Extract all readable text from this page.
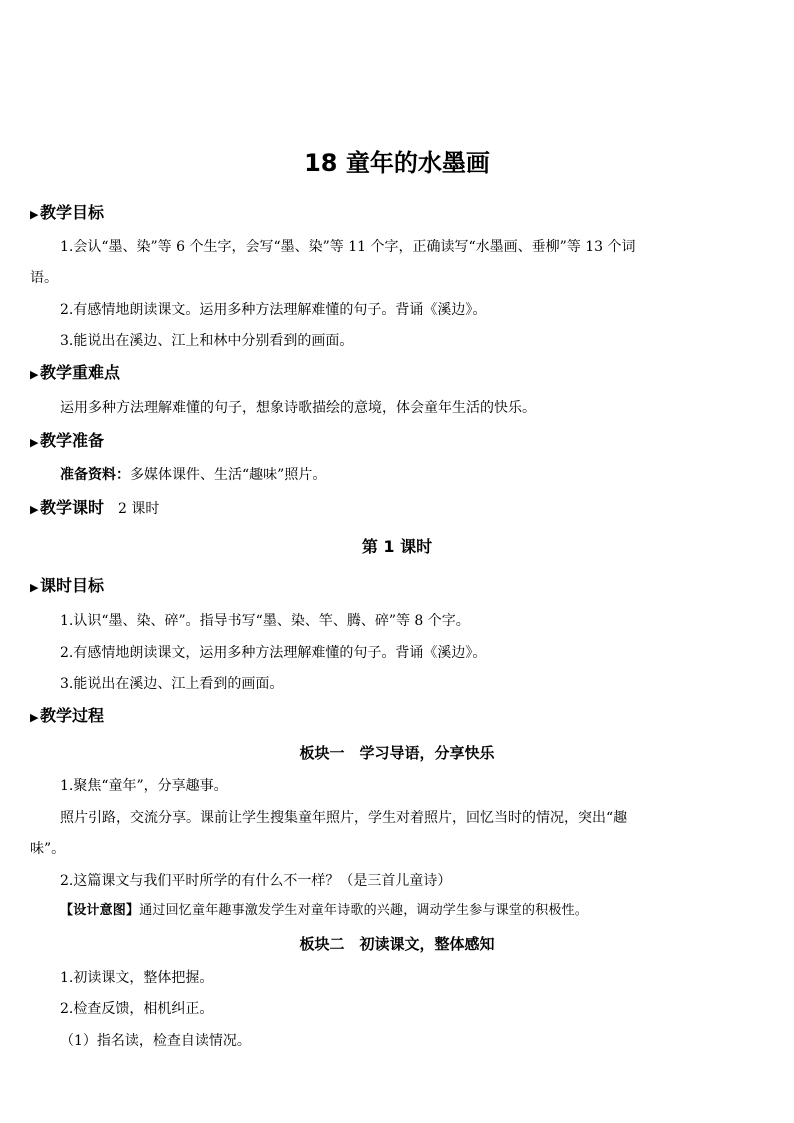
18 童年的水墨画
▶教学目标
1.会认“墨、染”等 6 个生字，会写“墨、染”等 11 个字，正确读写“水墨画、垂柳”等 13 个词
语。
2.有感情地朗读课文。运用多种方法理解难懂的句子。背诵《溪边》。
3.能说出在溪边、江上和林中分别看到的画面。
▶教学重难点
运用多种方法理解难懂的句子，想象诗歌描绘的意境，体会童年生活的快乐。
▶教学准备
准备资料：多媒体课件、生活“趣味”照片。
▶教学课时 2 课时
第 1 课时
▶课时目标
1.认识“墨、染、碎”。指导书写“墨、染、竿、腾、碎”等 8 个字。
2.有感情地朗读课文，运用多种方法理解难懂的句子。背诵《溪边》。
3.能说出在溪边、江上看到的画面。
▶教学过程
板块一　学习导语，分享快乐
1.聚焦“童年”，分享趣事。
照片引路，交流分享。课前让学生搜集童年照片，学生对着照片，回忆当时的情况，突出“趣
味”。
2.这篇课文与我们平时所学的有什么不一样？（是三首儿童诗）
【设计意图】通过回忆童年趣事激发学生对童年诗歌的兴趣，调动学生参与课堂的积极性。
板块二　初读课文，整体感知
1.初读课文，整体把握。
2.检查反馈，相机纠正。
（1）指名读，检查自读情况。
